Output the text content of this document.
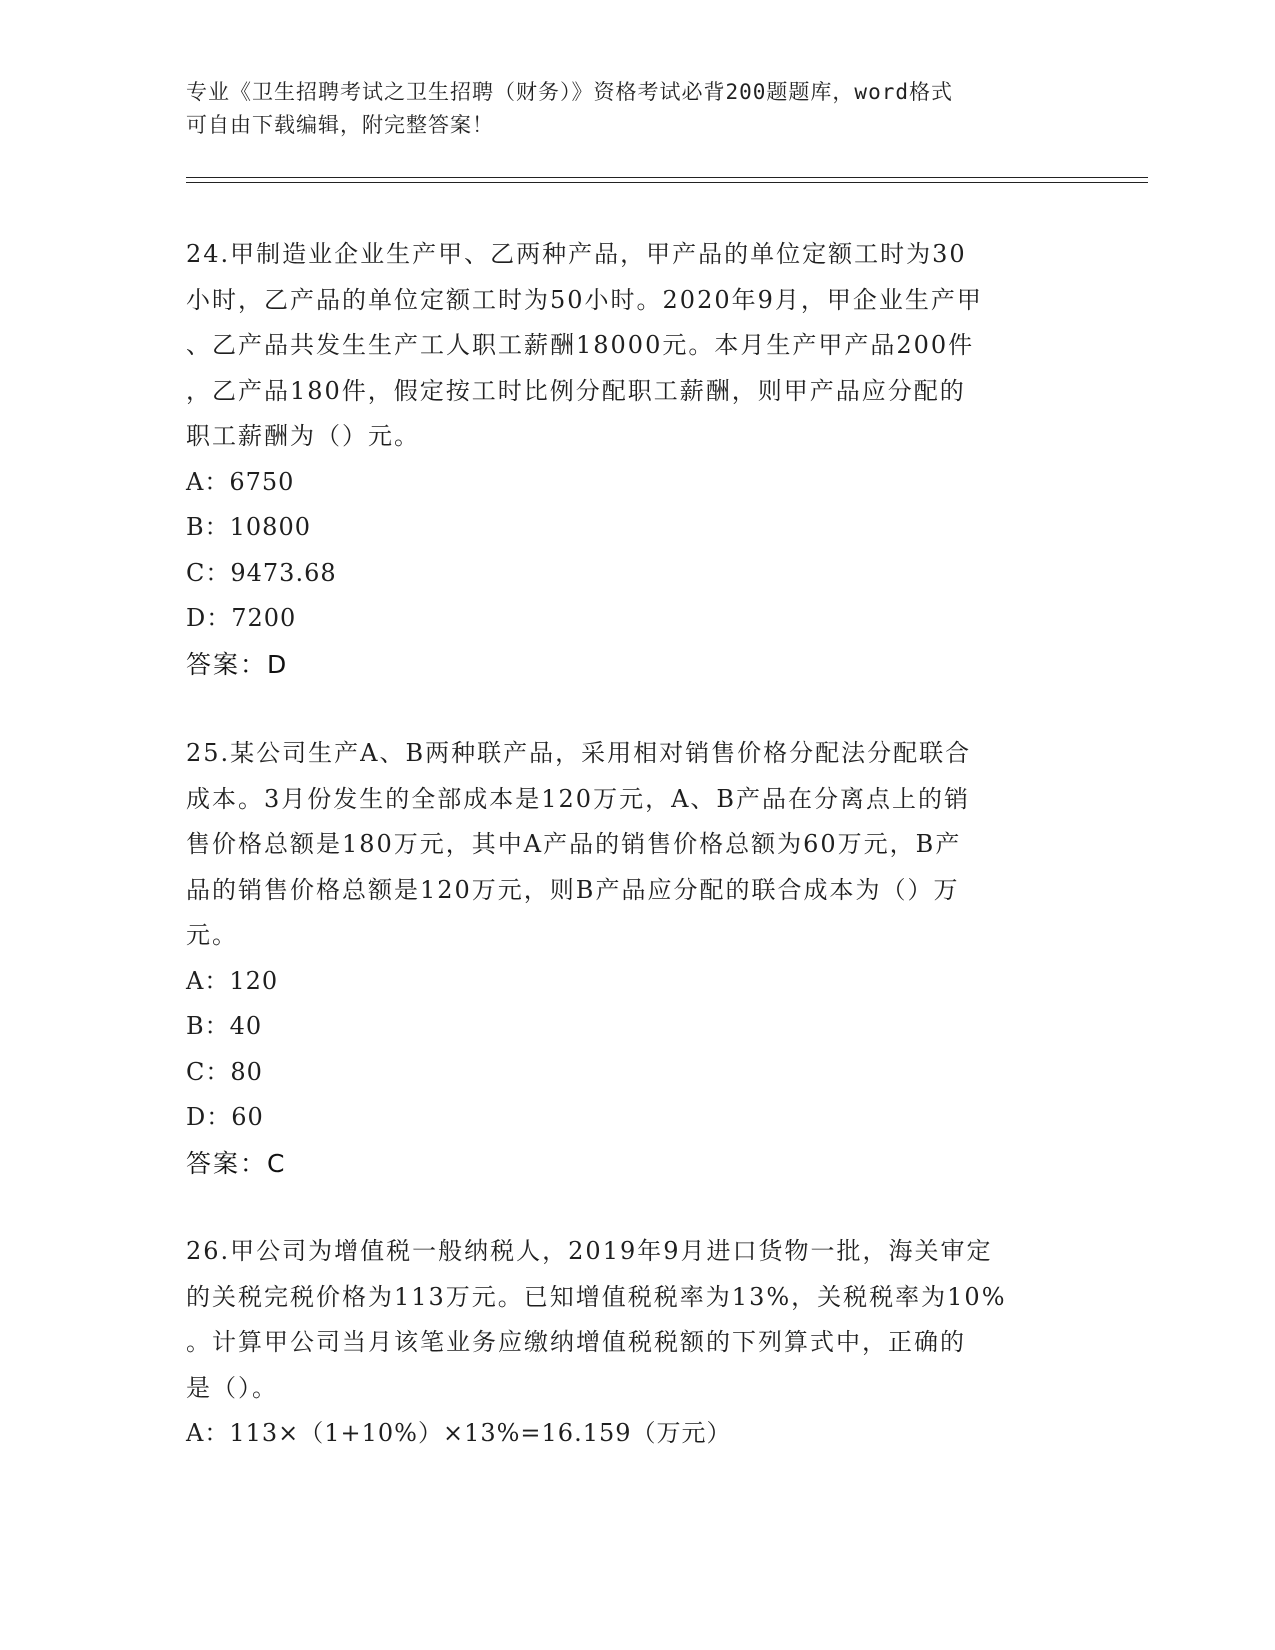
专业《卫生招聘考试之卫生招聘（财务）》资格考试必背200题题库，word格式
可自由下载编辑，附完整答案！
24.甲制造业企业生产甲、乙两种产品，甲产品的单位定额工时为30
小时，乙产品的单位定额工时为50小时。2020年9月，甲企业生产甲
、乙产品共发生生产工人职工薪酬18000元。本月生产甲产品200件
，乙产品180件，假定按工时比例分配职工薪酬，则甲产品应分配的
职工薪酬为（）元。
A：6750
B：10800
C：9473.68
D：7200
答案：D
25.某公司生产A、B两种联产品，采用相对销售价格分配法分配联合
成本。3月份发生的全部成本是120万元，A、B产品在分离点上的销
售价格总额是180万元，其中A产品的销售价格总额为60万元，B产
品的销售价格总额是120万元，则B产品应分配的联合成本为（）万
元。
A：120
B：40
C：80
D：60
答案：C
26.甲公司为增值税一般纳税人，2019年9月进口货物一批，海关审定
的关税完税价格为113万元。已知增值税税率为13%，关税税率为10%
。计算甲公司当月该笔业务应缴纳增值税税额的下列算式中，正确的
是（）。
A：113×（1+10%）×13%=16.159（万元）
